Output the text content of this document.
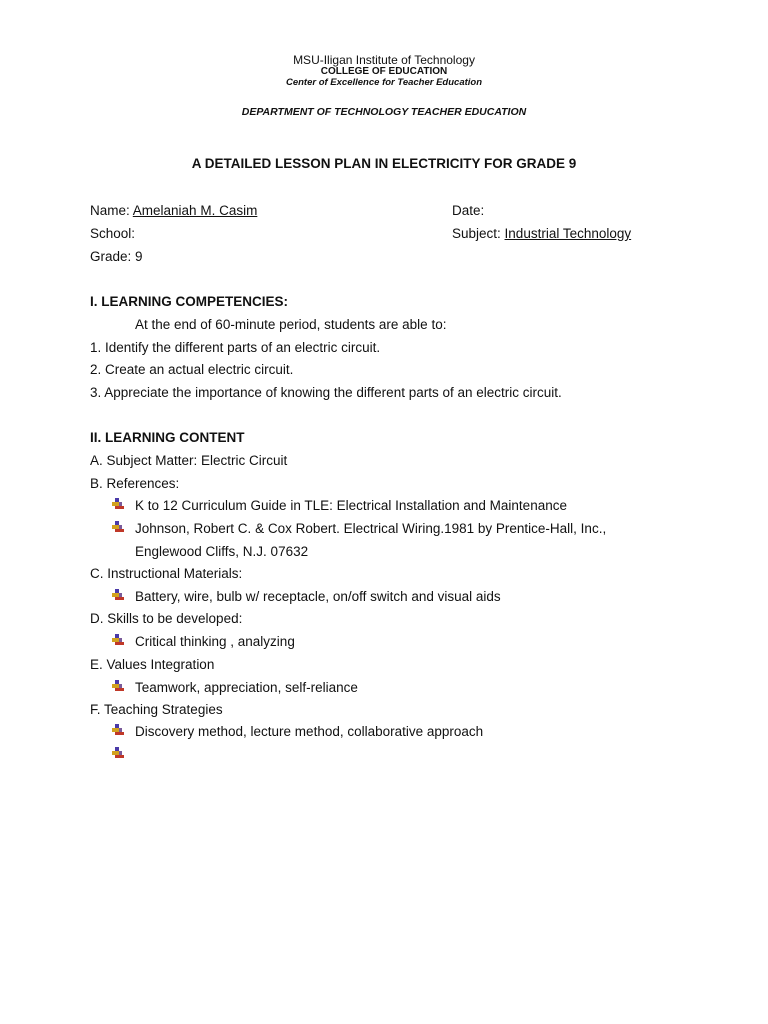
MSU-Iligan Institute of Technology
COLLEGE OF EDUCATION
Center of Excellence for Teacher Education
DEPARTMENT OF TECHNOLOGY TEACHER EDUCATION
A DETAILED LESSON PLAN IN ELECTRICITY FOR GRADE 9
Name: Amelaniah M. Casim	Date:
School:	Subject: Industrial Technology
Grade: 9
I. LEARNING COMPETENCIES:
At the end of 60-minute period, students are able to:
1. Identify the different parts of an electric circuit.
2. Create an actual electric circuit.
3. Appreciate the importance of knowing the different parts of an electric circuit.
II. LEARNING CONTENT
A. Subject Matter: Electric Circuit
B. References:
K to 12 Curriculum Guide in TLE: Electrical Installation and Maintenance
Johnson, Robert C. & Cox Robert. Electrical Wiring.1981 by Prentice-Hall, Inc.,
Englewood Cliffs, N.J. 07632
C. Instructional Materials:
Battery, wire, bulb w/ receptacle, on/off switch and visual aids
D. Skills to be developed:
Critical thinking , analyzing
E. Values Integration
Teamwork, appreciation, self-reliance
F. Teaching Strategies
Discovery method, lecture method, collaborative approach
